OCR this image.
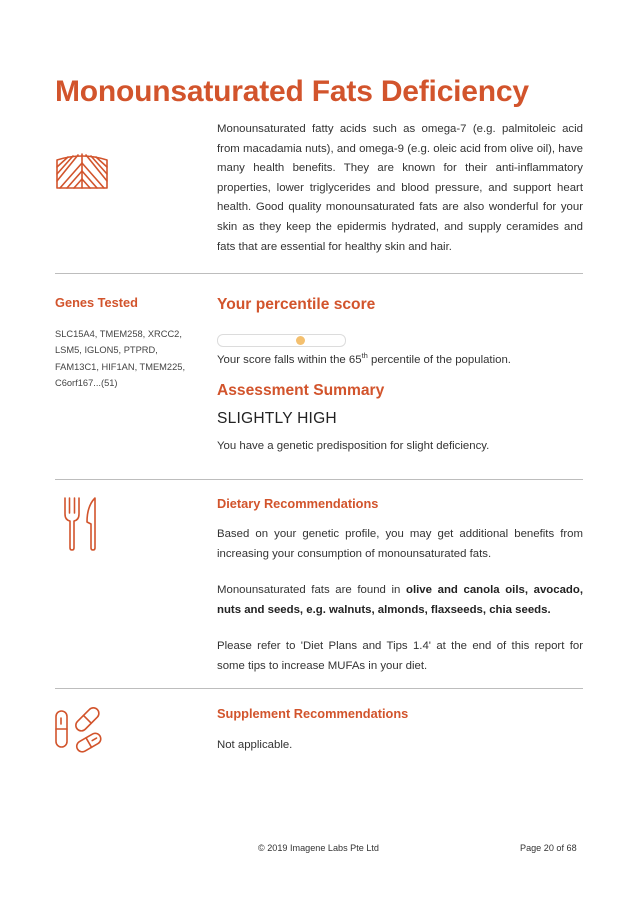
Monounsaturated Fats Deficiency

Monounsaturated fatty acids such as omega-7 (e.g. palmitoleic acid from macadamia nuts), and omega-9 (e.g. oleic acid from olive oil), have many health benefits. They are known for their anti-inflammatory properties, lower triglycerides and blood pressure, and support heart health. Good quality monounsaturated fats are also wonderful for your skin as they keep the epidermis hydrated, and supply ceramides and fats that are essential for healthy skin and hair.

Genes Tested
SLC15A4, TMEM258, XRCC2, LSM5, IGLON5, PTPRD, FAM13C1, HIF1AN, TMEM225, C6orf167...(51)
Your percentile score

Your score falls within the 65th percentile of the population.

Assessment Summary
SLIGHTLY HIGH

You have a genetic predisposition for slight deficiency.

Dietary Recommendations

Based on your genetic profile, you may get additional benefits from increasing your consumption of monounsaturated fats.

Monounsaturated fats are found in olive and canola oils, avocado, nuts and seeds, e.g. walnuts, almonds, flaxseeds, chia seeds.

Please refer to 'Diet Plans and Tips 1.4' at the end of this report for some tips to increase MUFAs in your diet.

Supplement Recommendations

Not applicable.

© 2019 Imagene Labs Pte Ltd	Page 20 of 68
